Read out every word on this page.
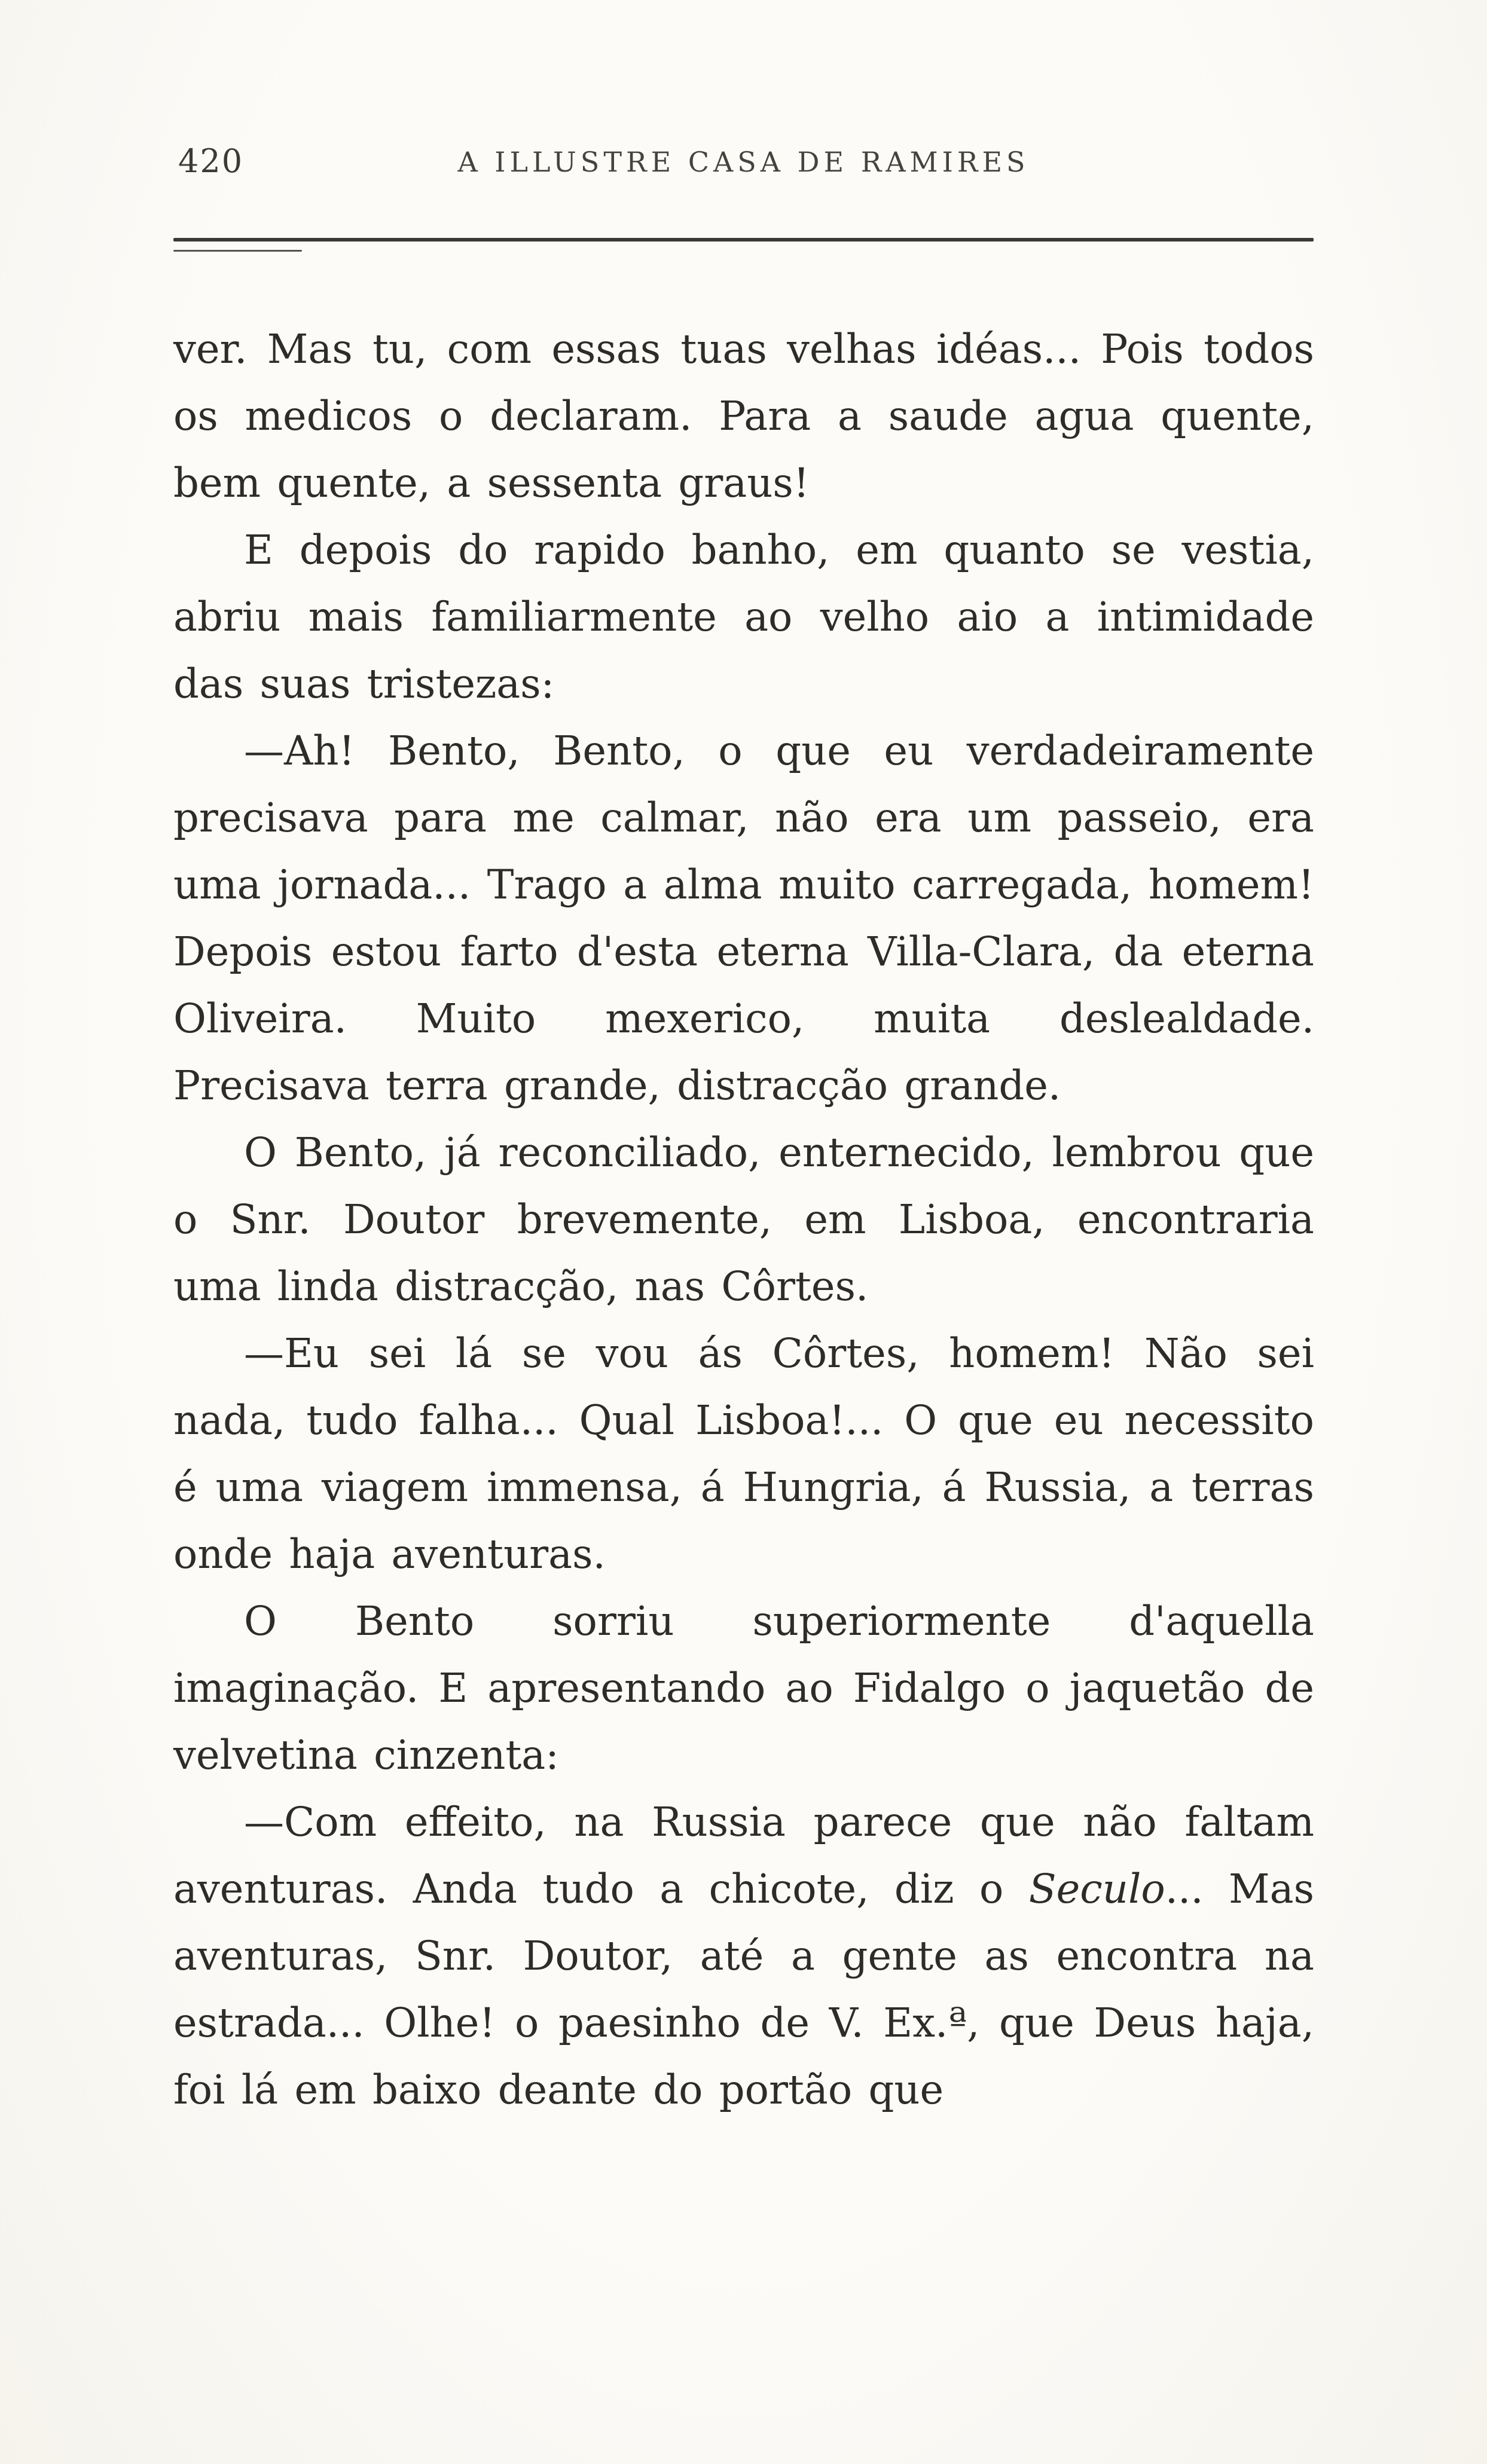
420	A ILLUSTRE CASA DE RAMIRES

ver. Mas tu, com essas tuas velhas idéas... Pois todos os medicos o declaram. Para a saude agua quente, bem quente, a sessenta graus!

E depois do rapido banho, em quanto se vestia, abriu mais familiarmente ao velho aio a intimidade das suas tristezas:

—Ah! Bento, Bento, o que eu verdadeiramente precisava para me calmar, não era um passeio, era uma jornada... Trago a alma muito carregada, homem! Depois estou farto d'esta eterna Villa-Clara, da eterna Oliveira. Muito mexerico, muita deslealdade. Precisava terra grande, distracção grande.

O Bento, já reconciliado, enternecido, lembrou que o Snr. Doutor brevemente, em Lisboa, encontraria uma linda distracção, nas Côrtes.

—Eu sei lá se vou ás Côrtes, homem! Não sei nada, tudo falha... Qual Lisboa!... O que eu necessito é uma viagem immensa, á Hungria, á Russia, a terras onde haja aventuras.

O Bento sorriu superiormente d'aquella imaginação. E apresentando ao Fidalgo o jaquetão de velvetina cinzenta:

—Com effeito, na Russia parece que não faltam aventuras. Anda tudo a chicote, diz o Seculo... Mas aventuras, Snr. Doutor, até a gente as encontra na estrada... Olhe! o paesinho de V. Ex.ª, que Deus haja, foi lá em baixo deante do portão que
